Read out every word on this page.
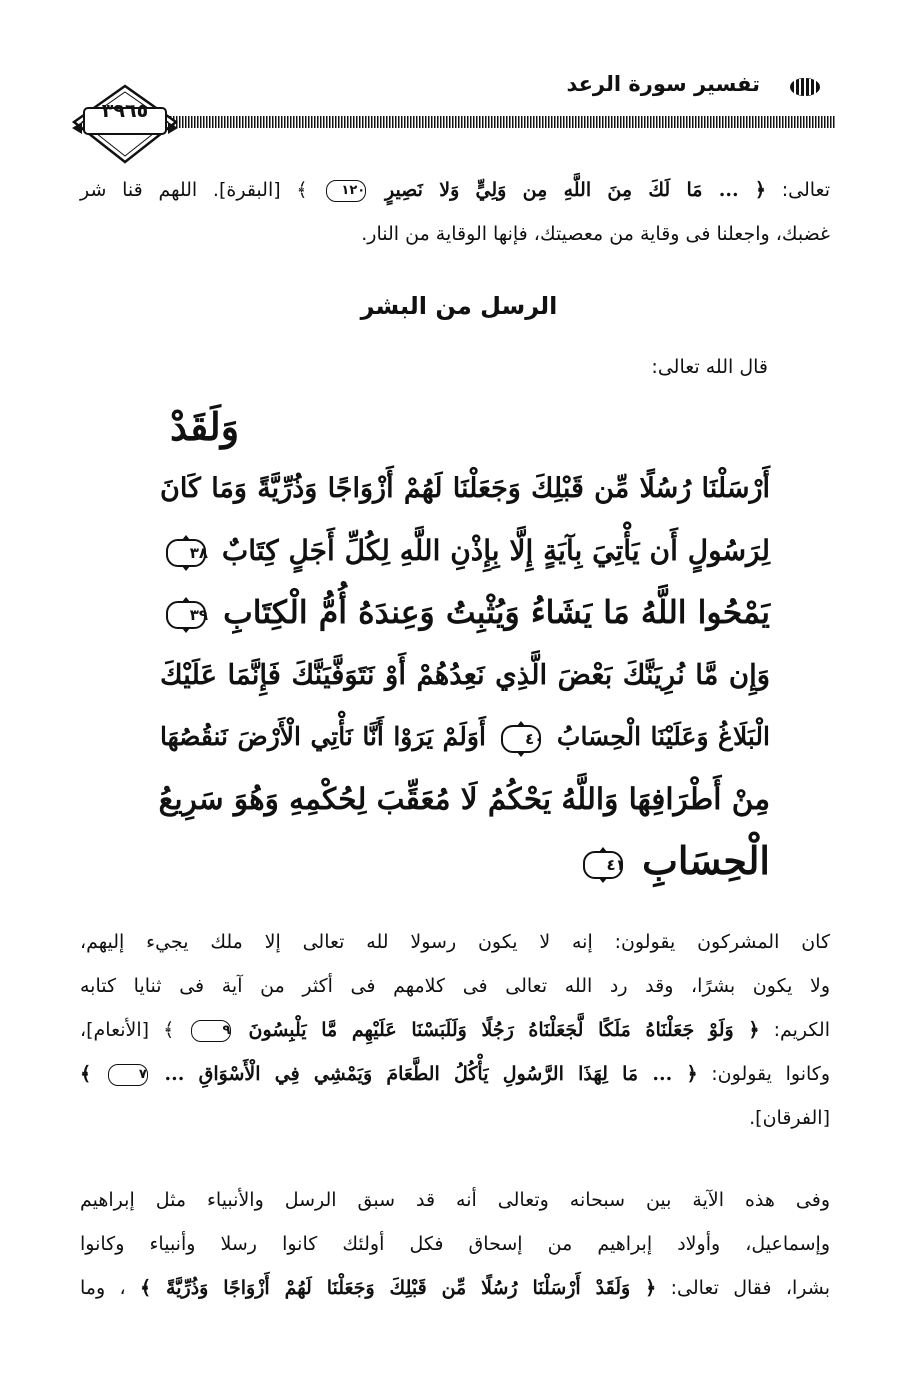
تفسير سورة الرعد
٣٩٦٥
تعالى: ﴿ ... مَا لَكَ مِنَ اللَّهِ مِن وَلِيٍّ وَلا نَصِيرٍ ١٢٠ ﴾ [البقرة]. اللهم قنا شر
غضبك، واجعلنا فى وقاية من معصيتك، فإنها الوقاية من النار.
الرسل من البشر
قال الله تعالى:
وَلَقَدْ
أَرْسَلْنَا رُسُلًا مِّن قَبْلِكَ وَجَعَلْنَا لَهُمْ أَزْوَاجًا وَذُرِّيَّةً وَمَا كَانَ
لِرَسُولٍ أَن يَأْتِيَ بِآيَةٍ إِلَّا بِإِذْنِ اللَّهِ لِكُلِّ أَجَلٍ كِتَابٌ
٣٨
يَمْحُوا اللَّهُ مَا يَشَاءُ وَيُثْبِتُ وَعِندَهُ أُمُّ الْكِتَابِ
٣٩
وَإِن مَّا نُرِيَنَّكَ بَعْضَ الَّذِي نَعِدُهُمْ أَوْ نَتَوَفَّيَنَّكَ فَإِنَّمَا عَلَيْكَ
الْبَلَاغُ وَعَلَيْنَا الْحِسَابُ
٤٠
أَوَلَمْ يَرَوْا أَنَّا نَأْتِي الْأَرْضَ نَنقُصُهَا
مِنْ أَطْرَافِهَا وَاللَّهُ يَحْكُمُ لَا مُعَقِّبَ لِحُكْمِهِ وَهُوَ سَرِيعُ
الْحِسَابِ
٤١
كان المشركون يقولون: إنه لا يكون رسولا لله تعالى إلا ملك يجيء إليهم،
ولا يكون بشرًا، وقد رد الله تعالى فى كلامهم فى أكثر من آية فى ثنايا كتابه
الكريم: ﴿ وَلَوْ جَعَلْنَاهُ مَلَكًا لَّجَعَلْنَاهُ رَجُلًا وَلَلَبَسْنَا عَلَيْهِم مَّا يَلْبِسُونَ ٩ ﴾ [الأنعام]،
وكانوا يقولون: ﴿ ... مَا لِهَذَا الرَّسُولِ يَأْكُلُ الطَّعَامَ وَيَمْشِي فِي الْأَسْوَاقِ ... ٧ ﴾
[الفرقان].
وفى هذه الآية بين سبحانه وتعالى أنه قد سبق الرسل والأنبياء مثل إبراهيم
وإسماعيل، وأولاد إبراهيم من إسحاق فكل أولئك كانوا رسلا وأنبياء وكانوا
بشرا، فقال تعالى: ﴿ وَلَقَدْ أَرْسَلْنَا رُسُلًا مِّن قَبْلِكَ وَجَعَلْنَا لَهُمْ أَزْوَاجًا وَذُرِّيَّةً ﴾ ، وما
